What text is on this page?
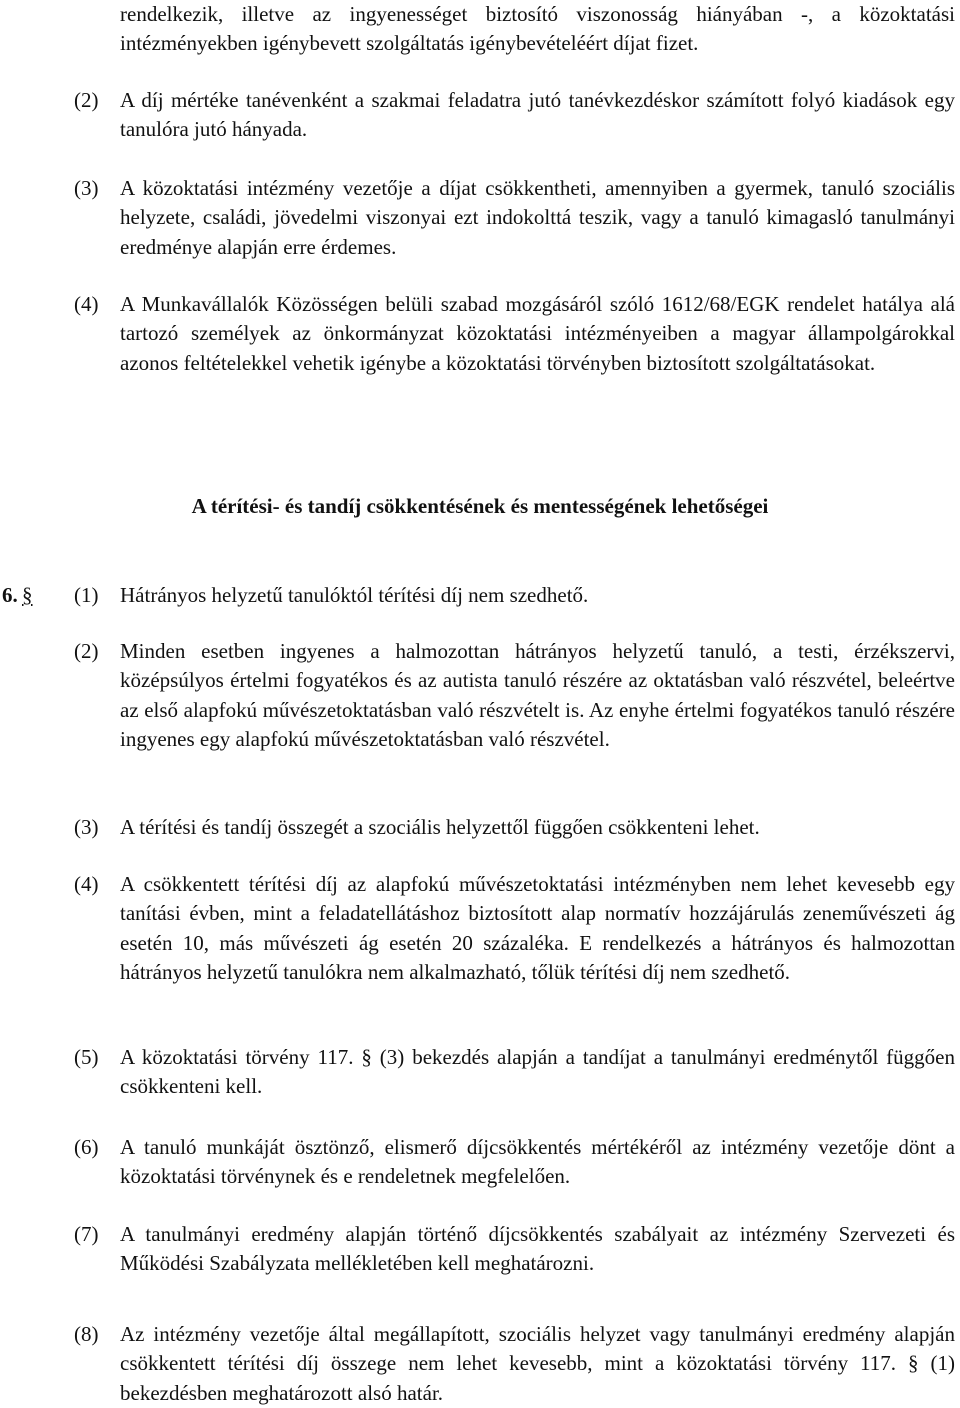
rendelkezik, illetve az ingyenességet biztosító viszonosság hiányában -, a közoktatási intézményekben igénybevett szolgáltatás igénybevételéért díjat fizet.
(2) A díj mértéke tanévenként a szakmai feladatra jutó tanévkezdéskor számított folyó kiadások egy tanulóra jutó hányada.
(3) A közoktatási intézmény vezetője a díjat csökkentheti, amennyiben a gyermek, tanuló szociális helyzete, családi, jövedelmi viszonyai ezt indokolttá teszik, vagy a tanuló kimagasló tanulmányi eredménye alapján erre érdemes.
(4) A Munkavállalók Közösségen belüli szabad mozgásáról szóló 1612/68/EGK rendelet hatálya alá tartozó személyek az önkormányzat közoktatási intézményeiben a magyar állampolgárokkal azonos feltételekkel vehetik igénybe a közoktatási törvényben biztosított szolgáltatásokat.
A térítési- és tandíj csökkentésének és mentességének lehetőségei
6. § (1) Hátrányos helyzetű tanulóktól térítési díj nem szedhető.
(2) Minden esetben ingyenes a halmozottan hátrányos helyzetű tanuló, a testi, érzékszervi, középsúlyos értelmi fogyatékos és az autista tanuló részére az oktatásban való részvétel, beleértve az első alapfokú művészetoktatásban való részvételt is. Az enyhe értelmi fogyatékos tanuló részére ingyenes egy alapfokú művészetoktatásban való részvétel.
(3) A térítési és tandíj összegét a szociális helyzettől függően csökkenteni lehet.
(4) A csökkentett térítési díj az alapfokú művészetoktatási intézményben nem lehet kevesebb egy tanítási évben, mint a feladatellátáshoz biztosított alap normatív hozzájárulás zeneművészeti ág esetén 10, más művészeti ág esetén 20 százaléka. E rendelkezés a hátrányos és halmozottan hátrányos helyzetű tanulókra nem alkalmazható, tőlük térítési díj nem szedhető.
(5) A közoktatási törvény 117. § (3) bekezdés alapján a tandíjat a tanulmányi eredménytől függően csökkenteni kell.
(6) A tanuló munkáját ösztönző, elismerő díjcsökkentés mértékéről az intézmény vezetője dönt a közoktatási törvénynek és e rendeletnek megfelelően.
(7) A tanulmányi eredmény alapján történő díjcsökkentés szabályait az intézmény Szervezeti és Működési Szabályzata mellékletében kell meghatározni.
(8) Az intézmény vezetője által megállapított, szociális helyzet vagy tanulmányi eredmény alapján csökkentett térítési díj összege nem lehet kevesebb, mint a közoktatási törvény 117. § (1) bekezdésben meghatározott alsó határ.
